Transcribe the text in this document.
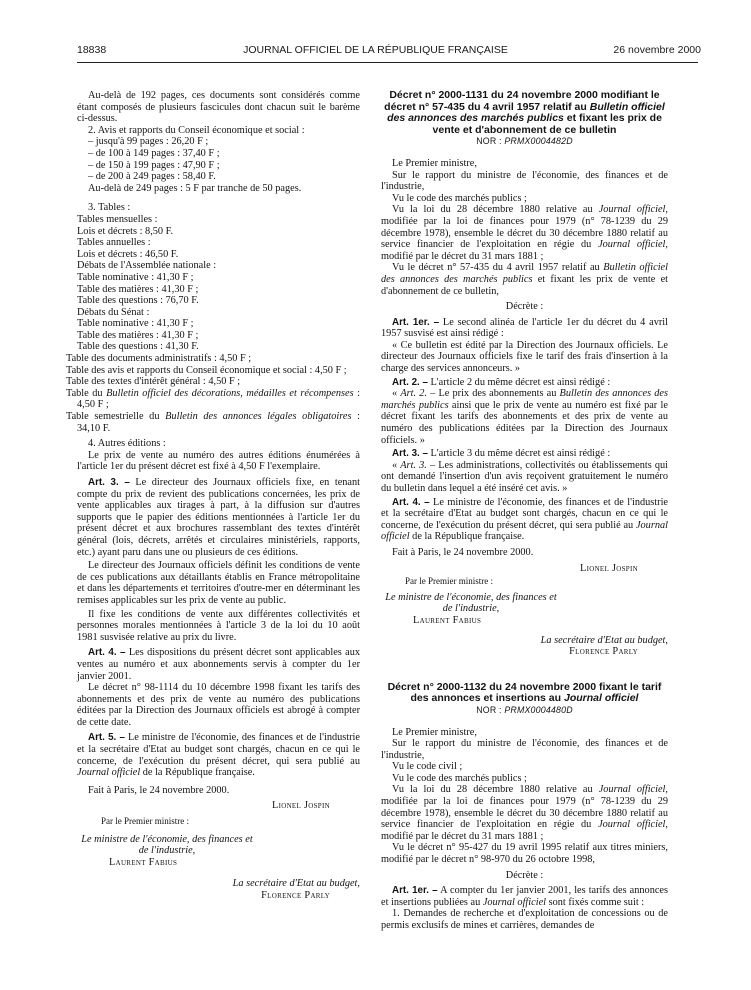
18838	JOURNAL OFFICIEL DE LA RÉPUBLIQUE FRANÇAISE	26 novembre 2000

Au-delà de 192 pages, ces documents sont considérés comme étant composés de plusieurs fascicules dont chacun suit le barème ci-dessus.

2. Avis et rapports du Conseil économique et social :

– jusqu'à 99 pages : 26,20 F ;

– de 100 à 149 pages : 37,40 F ;

– de 150 à 199 pages : 47,90 F ;

– de 200 à 249 pages : 58,40 F.

Au-delà de 249 pages : 5 F par tranche de 50 pages.

3. Tables :

Tables mensuelles :

Lois et décrets : 8,50 F.

Tables annuelles :

Lois et décrets : 46,50 F.

Débats de l'Assemblée nationale :

Table nominative : 41,30 F ;

Table des matières : 41,30 F ;

Table des questions : 76,70 F.

Débats du Sénat :

Table nominative : 41,30 F ;

Table des matières : 41,30 F ;

Table des questions : 41,30 F.

Table des documents administratifs : 4,50 F ;

Table des avis et rapports du Conseil économique et social : 4,50 F ;

Table des textes d'intérêt général : 4,50 F ;

Table du Bulletin officiel des décorations, médailles et récompenses : 4,50 F ;

Table semestrielle du Bulletin des annonces légales obligatoires : 34,10 F.

4. Autres éditions :

Le prix de vente au numéro des autres éditions énumérées à l'article 1er du présent décret est fixé à 4,50 F l'exemplaire.

Art. 3. – Le directeur des Journaux officiels fixe, en tenant compte du prix de revient des publications concernées, les prix de vente applicables aux tirages à part, à la diffusion sur d'autres supports que le papier des éditions mentionnées à l'article 1er du présent décret et aux brochures rassemblant des textes d'intérêt général (lois, décrets, arrêtés et circulaires ministériels, rapports, etc.) ayant paru dans une ou plusieurs de ces éditions.

Le directeur des Journaux officiels définit les conditions de vente de ces publications aux détaillants établis en France métropolitaine et dans les départements et territoires d'outre-mer en déterminant les remises applicables sur les prix de vente au public.

Il fixe les conditions de vente aux différentes collectivités et personnes morales mentionnées à l'article 3 de la loi du 10 août 1981 susvisée relative au prix du livre.

Art. 4. – Les dispositions du présent décret sont applicables aux ventes au numéro et aux abonnements servis à compter du 1er janvier 2001.

Le décret n° 98-1114 du 10 décembre 1998 fixant les tarifs des abonnements et des prix de vente au numéro des publications éditées par la Direction des Journaux officiels est abrogé à compter de cette date.

Art. 5. – Le ministre de l'économie, des finances et de l'industrie et la secrétaire d'Etat au budget sont chargés, chacun en ce qui le concerne, de l'exécution du présent décret, qui sera publié au Journal officiel de la République française.

Fait à Paris, le 24 novembre 2000.

Lionel Jospin

Par le Premier ministre :

Le ministre de l'économie, des finances et de l'industrie,

Laurent Fabius

La secrétaire d'Etat au budget,

Florence Parly

Décret n° 2000-1131 du 24 novembre 2000 modifiant le décret n° 57-435 du 4 avril 1957 relatif au Bulletin officiel des annonces des marchés publics et fixant les prix de vente et d'abonnement de ce bulletin

NOR : PRMX0004482D

Le Premier ministre,

Sur le rapport du ministre de l'économie, des finances et de l'industrie,

Vu le code des marchés publics ;

Vu la loi du 28 décembre 1880 relative au Journal officiel, modifiée par la loi de finances pour 1979 (n° 78-1239 du 29 décembre 1978), ensemble le décret du 30 décembre 1880 relatif au service financier de l'exploitation en régie du Journal officiel, modifié par le décret du 31 mars 1881 ;

Vu le décret n° 57-435 du 4 avril 1957 relatif au Bulletin officiel des annonces des marchés publics et fixant les prix de vente et d'abonnement de ce bulletin,

Décrète :

Art. 1er. – Le second alinéa de l'article 1er du décret du 4 avril 1957 susvisé est ainsi rédigé :

« Ce bulletin est édité par la Direction des Journaux officiels. Le directeur des Journaux officiels fixe le tarif des frais d'insertion à la charge des services annonceurs. »

Art. 2. – L'article 2 du même décret est ainsi rédigé :

« Art. 2. – Le prix des abonnements au Bulletin des annonces des marchés publics ainsi que le prix de vente au numéro est fixé par le décret fixant les tarifs des abonnements et des prix de vente au numéro des publications éditées par la Direction des Journaux officiels. »

Art. 3. – L'article 3 du même décret est ainsi rédigé :

« Art. 3. – Les administrations, collectivités ou établissements qui ont demandé l'insertion d'un avis reçoivent gratuitement le numéro du bulletin dans lequel a été inséré cet avis. »

Art. 4. – Le ministre de l'économie, des finances et de l'industrie et la secrétaire d'Etat au budget sont chargés, chacun en ce qui le concerne, de l'exécution du présent décret, qui sera publié au Journal officiel de la République française.

Fait à Paris, le 24 novembre 2000.

Lionel Jospin

Par le Premier ministre :

Le ministre de l'économie, des finances et de l'industrie,

Laurent Fabius

La secrétaire d'Etat au budget,

Florence Parly

Décret n° 2000-1132 du 24 novembre 2000 fixant le tarif des annonces et insertions au Journal officiel

NOR : PRMX0004480D

Le Premier ministre,

Sur le rapport du ministre de l'économie, des finances et de l'industrie,

Vu le code civil ;

Vu le code des marchés publics ;

Vu la loi du 28 décembre 1880 relative au Journal officiel, modifiée par la loi de finances pour 1979 (n° 78-1239 du 29 décembre 1978), ensemble le décret du 30 décembre 1880 relatif au service financier de l'exploitation en régie du Journal officiel, modifié par le décret du 31 mars 1881 ;

Vu le décret n° 95-427 du 19 avril 1995 relatif aux titres miniers, modifié par le décret n° 98-970 du 26 octobre 1998,

Décrète :

Art. 1er. – A compter du 1er janvier 2001, les tarifs des annonces et insertions publiées au Journal officiel sont fixés comme suit :

1. Demandes de recherche et d'exploitation de concessions ou de permis exclusifs de mines et carrières, demandes de
